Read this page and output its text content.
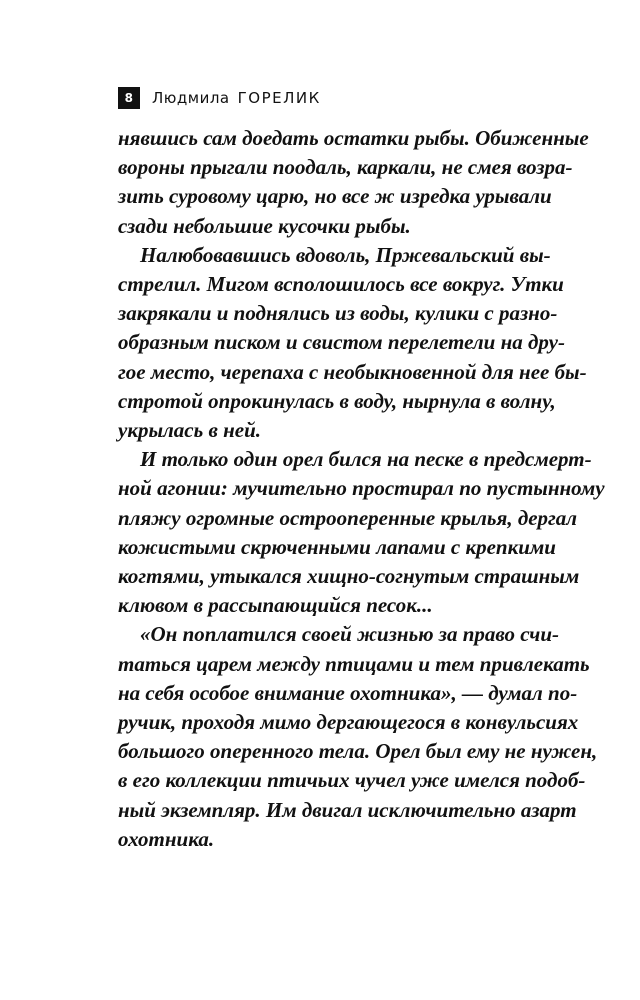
8	Людмила ГОРЕЛИК

нявшись сам доедать остатки рыбы. Обиженные
вороны прыгали поодаль, каркали, не смея возра-
зить суровому царю, но все ж изредка урывали
сзади небольшие кусочки рыбы.

Налюбовавшись вдоволь, Пржевальский вы-
стрелил. Мигом всполошилось все вокруг. Утки
закрякали и поднялись из воды, кулики с разно-
образным писком и свистом перелетели на дру-
гое место, черепаха с необыкновенной для нее бы-
стротой опрокинулась в воду, нырнула в волну,
укрылась в ней.

И только один орел бился на песке в предсмерт-
ной агонии: мучительно простирал по пустынному
пляжу огромные остроопepенные крылья, дергал
кожистыми скрюченными лапами с крепкими
когтями, утыкался хищно-согнутым страшным
клювом в рассыпающийся песок...

«Он поплатился своей жизнью за право счи-
таться царем между птицами и тем привлекать
на себя особое внимание охотника», — думал по-
ручик, проходя мимо дергающегося в конвульсиях
большого оперенного тела. Орел был ему не нужен,
в его коллекции птичьих чучел уже имелся подоб-
ный экземпляр. Им двигал исключительно азарт
охотника.
